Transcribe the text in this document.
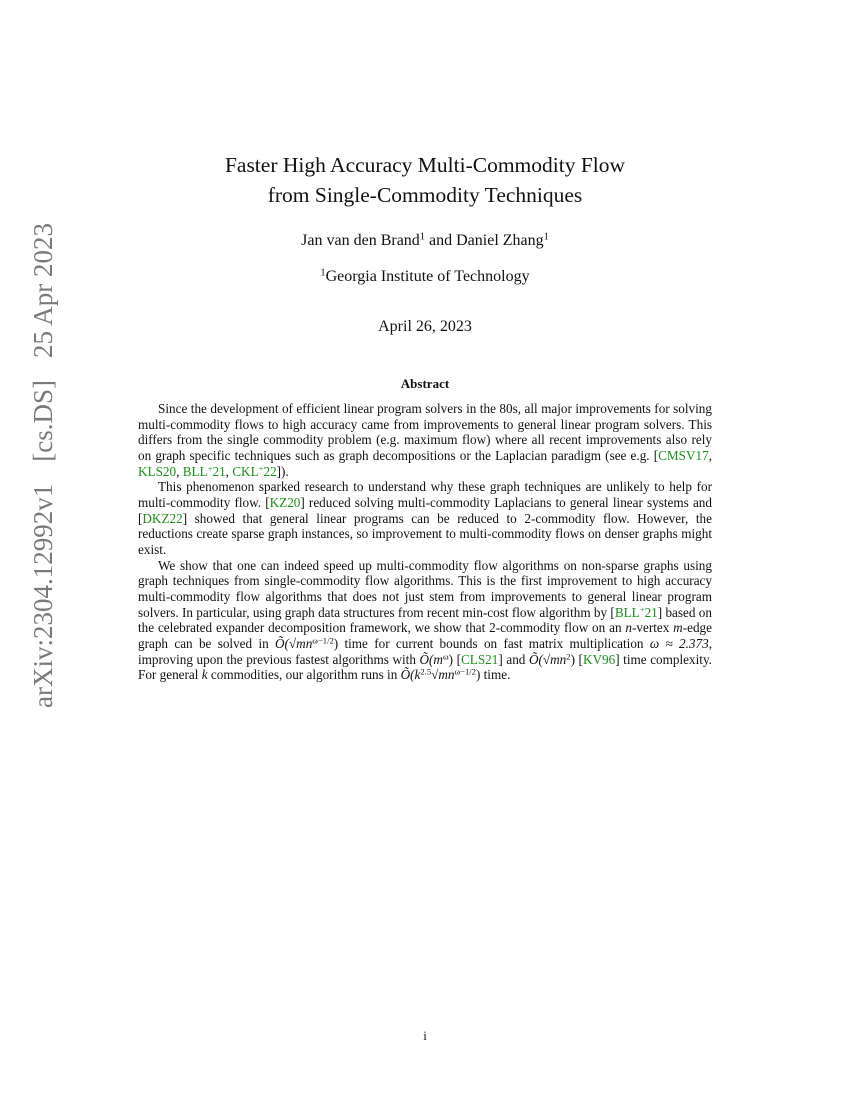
arXiv:2304.12992v1[cs.DS]25 Apr 2023
Faster High Accuracy Multi-Commodity Flow
from Single-Commodity Techniques
Jan van den Brand$^1$ and Daniel Zhang$^1$
$^1$Georgia Institute of Technology
April 26, 2023
Abstract

Since the development of efficient linear program solvers in the 80s, all major improvements for solving multi-commodity flows to high accuracy came from improvements to general linear program solvers. This differs from the single commodity problem (e.g. maximum flow) where all recent improvements also rely on graph specific techniques such as graph decompositions or the Laplacian paradigm (see e.g. [CMSV17, KLS20, BLL+21, CKL+22]).

This phenomenon sparked research to understand why these graph techniques are unlikely to help for multi-commodity flow. [KZ20] reduced solving multi-commodity Laplacians to general linear systems and [DKZ22] showed that general linear programs can be reduced to 2-commodity flow. However, the reductions create sparse graph instances, so improvement to multi-commodity flows on denser graphs might exist.

We show that one can indeed speed up multi-commodity flow algorithms on non-sparse graphs using graph techniques from single-commodity flow algorithms. This is the first improvement to high accuracy multi-commodity flow algorithms that does not just stem from improvements to general linear program solvers. In particular, using graph data structures from recent min-cost flow algorithm by [BLL+21] based on the celebrated expander decomposition framework, we show that 2-commodity flow on an n-vertex m-edge graph can be solved in $Õ(√mn^{\omega-1/2})$ time for current bounds on fast matrix multiplication ω ≈ 2.373, improving upon the previous fastest algorithms with $Õ(m^\omega)$ [CLS21] and $Õ(√mn^2)$ [KV96] time complexity. For general k commodities, our algorithm runs in $Õ(k^{2.5}√mn^{\omega-1/2})$ time.

i
